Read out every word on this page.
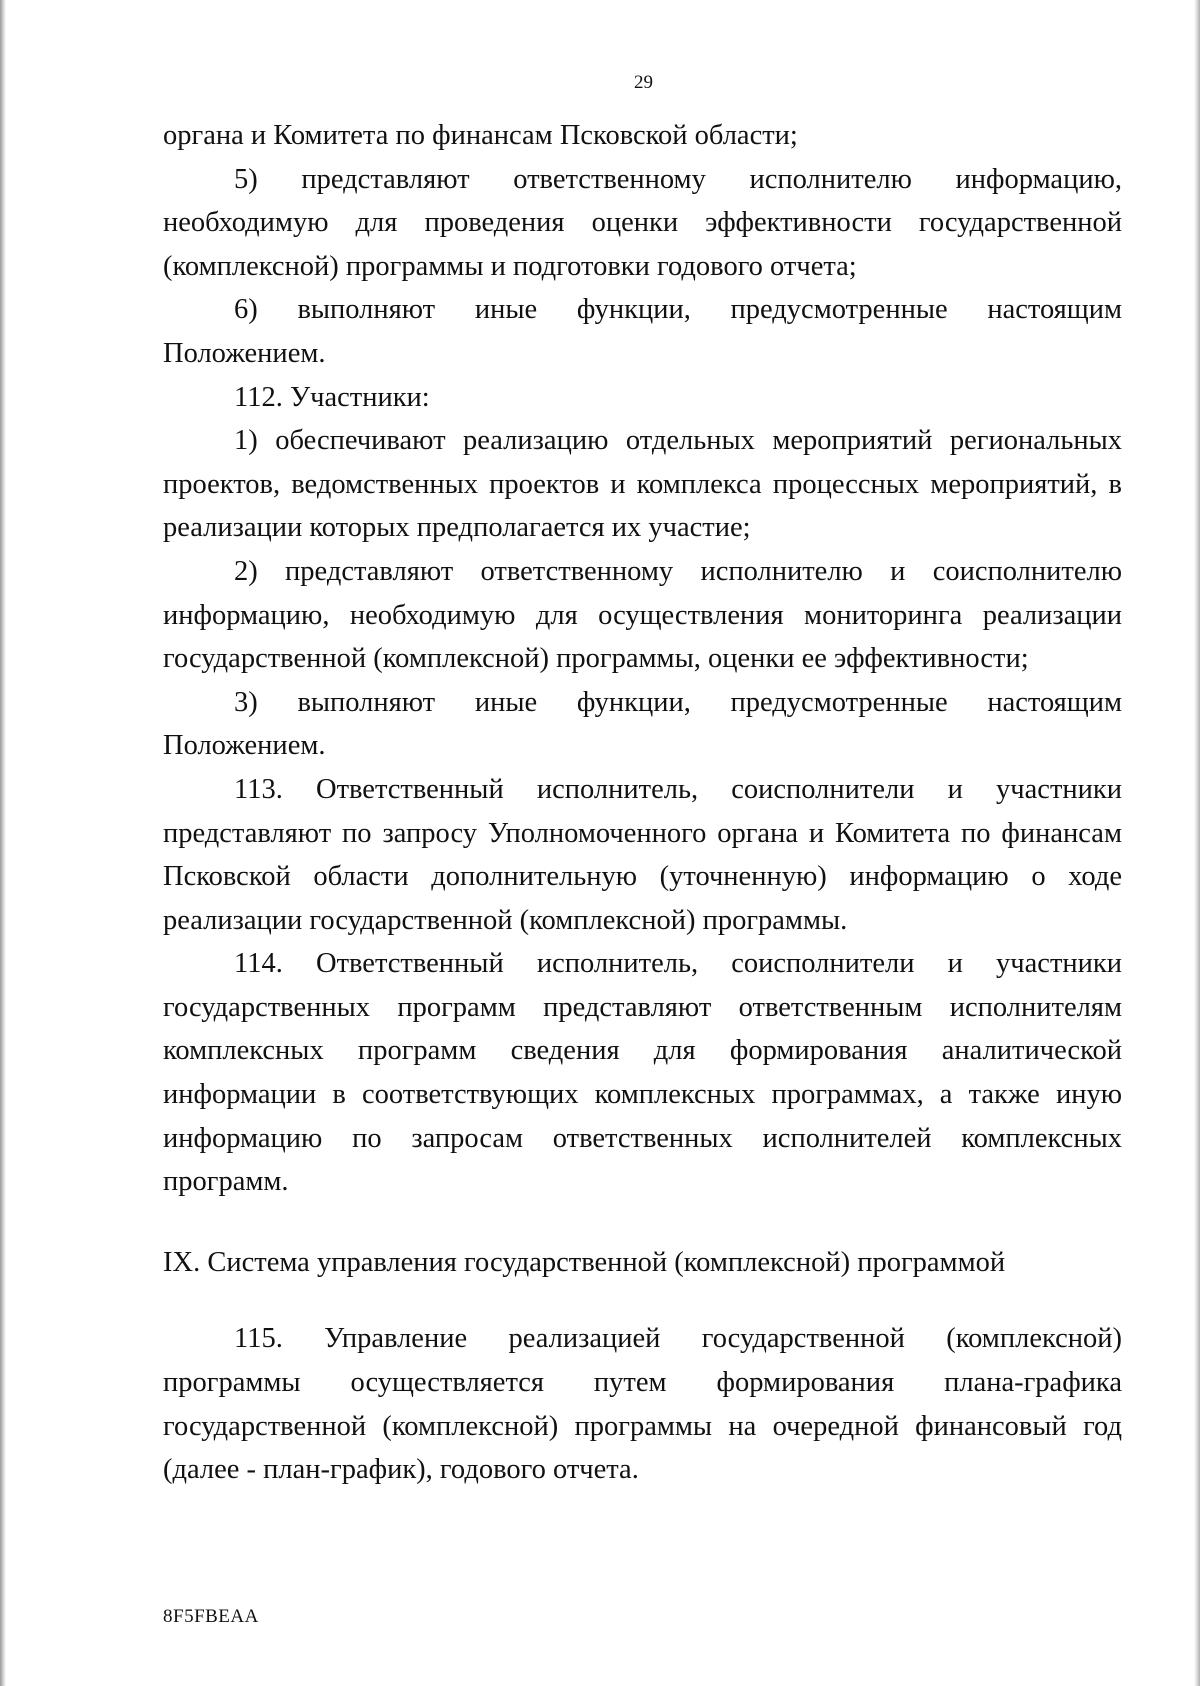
29

органа и Комитета по финансам Псковской области;

5) представляют ответственному исполнителю информацию, необходимую для проведения оценки эффективности государственной (комплексной) программы и подготовки годового отчета;

6) выполняют иные функции, предусмотренные настоящим Положением.

112. Участники:

1) обеспечивают реализацию отдельных мероприятий региональных проектов, ведомственных проектов и комплекса процессных мероприятий, в реализации которых предполагается их участие;

2) представляют ответственному исполнителю и соисполнителю информацию, необходимую для осуществления мониторинга реализации государственной (комплексной) программы, оценки ее эффективности;

3) выполняют иные функции, предусмотренные настоящим Положением.

113. Ответственный исполнитель, соисполнители и участники представляют по запросу Уполномоченного органа и Комитета по финансам Псковской области дополнительную (уточненную) информацию о ходе реализации государственной (комплексной) программы.

114. Ответственный исполнитель, соисполнители и участники государственных программ представляют ответственным исполнителям комплексных программ сведения для формирования аналитической информации в соответствующих комплексных программах, а также иную информацию по запросам ответственных исполнителей комплексных программ.

IX. Система управления государственной (комплексной) программой

115. Управление реализацией государственной (комплексной) программы осуществляется путем формирования плана-графика государственной (комплексной) программы на очередной финансовый год (далее - план-график), годового отчета.

8F5FBEAA
